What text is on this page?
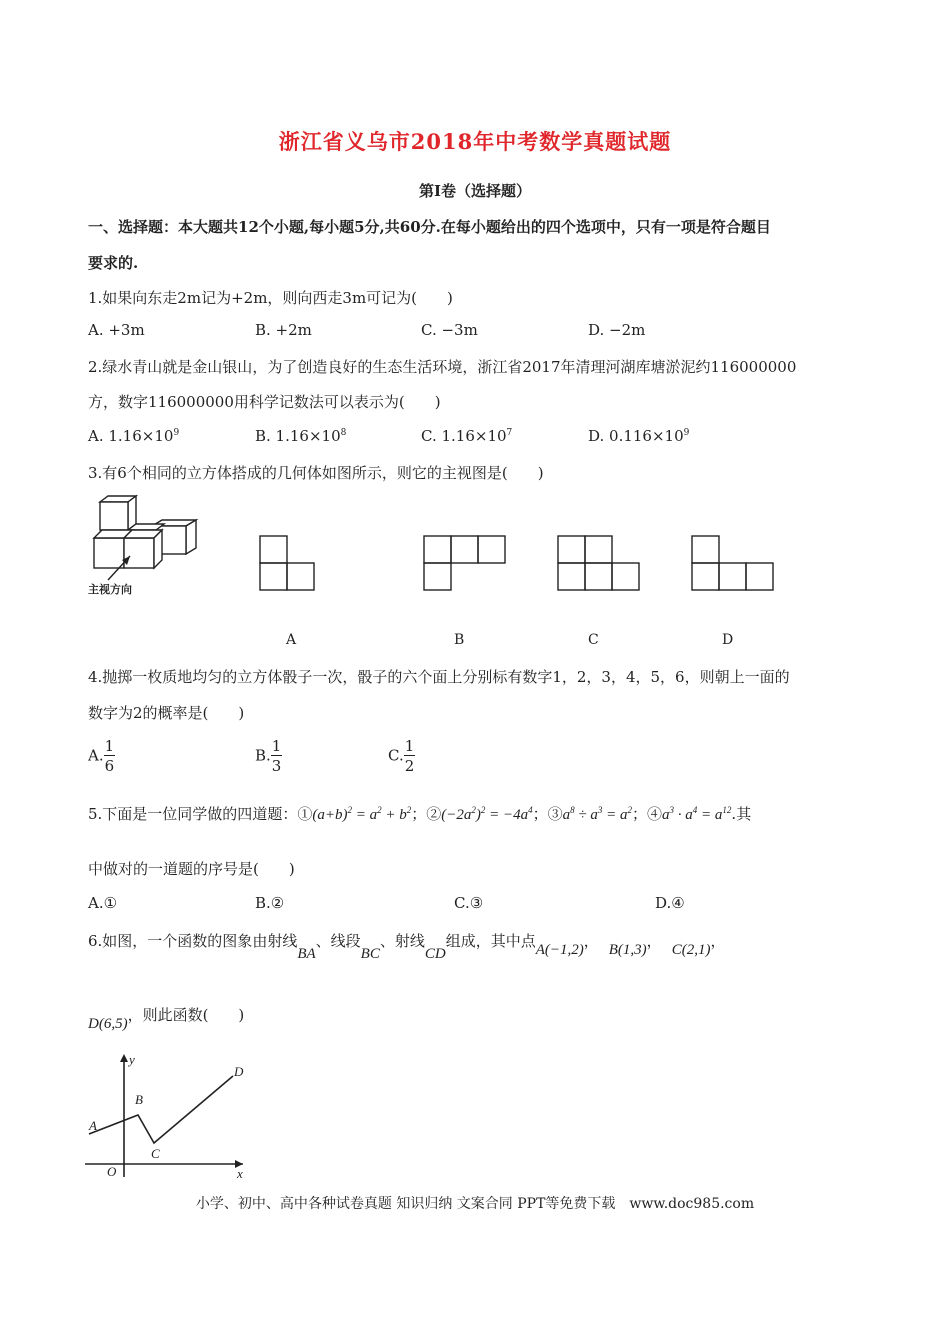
浙江省义乌市2018年中考数学真题试题
第Ⅰ卷（选择题）
一、选择题：本大题共12个小题,每小题5分,共60分.在每小题给出的四个选项中，只有一项是符合题目
要求的.
1.如果向东走2m记为+2m，则向西走3m可记为(　　)
A. +3m	B. +2m	C. −3m	D. −2m
2.绿水青山就是金山银山，为了创造良好的生态生活环境，浙江省2017年清理河湖库塘淤泥约116000000
方，数字116000000用科学记数法可以表示为(　　)
A. $1.16\times 10^9$	B. $1.16\times 10^8$	C. $1.16\times 10^7$	D. $0.116\times 10^9$
3.有6个相同的立方体搭成的几何体如图所示，则它的主视图是(　　)
主视方向
A	B	C	D
4.抛掷一枚质地均匀的立方体骰子一次，骰子的六个面上分别标有数字1，2，3，4，5，6，则朝上一面的
数字为2的概率是(　　)
A. $\frac{1}{6}$	B. $\frac{1}{3}$	C. $\frac{1}{2}$
5.下面是一位同学做的四道题：$①(a+b)^2 = a^2 + b^2$；$②(-2a^2)^2 = -4a^4$；$③a^8 \div a^3 = a^2$；$④a^3 \cdot a^4 = a^{12}$.其
中做对的一道题的序号是(　　)
A.①	B.②	C.③	D.④
6.如图，一个函数的图象由射线BA、线段BC、射线CD组成，其中点A(−1,2)， B(1,3)， C(2,1)，
D(6,5)，则此函数(　　)
y
x
O
A
B
C
D
小学、初中、高中各种试卷真题 知识归纳 文案合同 PPT等免费下载　www.doc985.com
